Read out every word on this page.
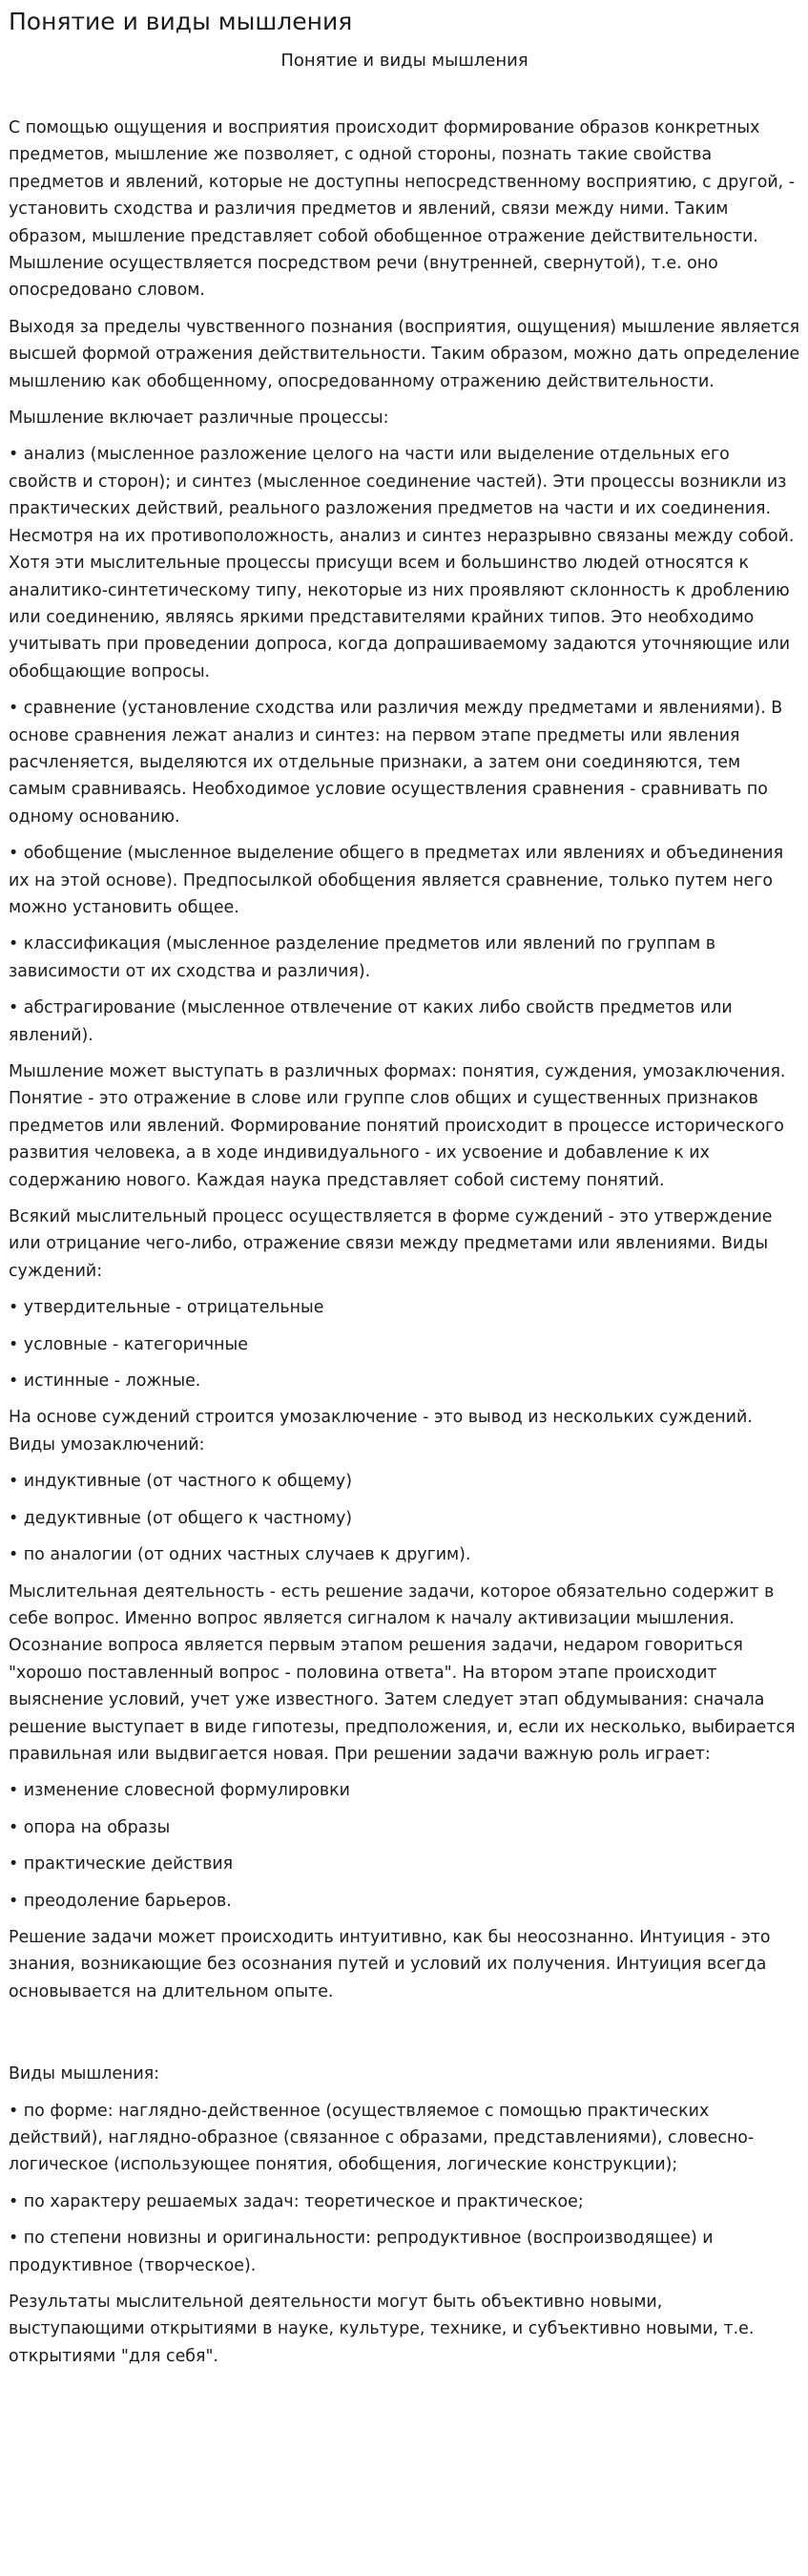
Понятие и виды мышления
Понятие и виды мышления

С помощью ощущения и восприятия происходит формирование образов конкретных предметов, мышление же позволяет, с одной стороны, познать такие свойства предметов и явлений, которые не доступны непосредственному восприятию, с другой, - установить сходства и различия предметов и явлений, связи между ними. Таким образом, мышление представляет собой обобщенное отражение действительности. Мышление осуществляется посредством речи (внутренней, свернутой), т.е. оно опосредовано словом.

Выходя за пределы чувственного познания (восприятия, ощущения) мышление является высшей формой отражения действительности. Таким образом, можно дать определение мышлению как обобщенному, опосредованному отражению действительности.

Мышление включает различные процессы:

• анализ (мысленное разложение целого на части или выделение отдельных его свойств и сторон); и синтез (мысленное соединение частей). Эти процессы возникли из практических действий, реального разложения предметов на части и их соединения. Несмотря на их противоположность, анализ и синтез неразрывно связаны между собой. Хотя эти мыслительные процессы присущи всем и большинство людей относятся к аналитико-синтетическому типу, некоторые из них проявляют склонность к дроблению или соединению, являясь яркими представителями крайних типов. Это необходимо учитывать при проведении допроса, когда допрашиваемому задаются уточняющие или обобщающие вопросы.

• сравнение (установление сходства или различия между предметами и явлениями). В основе сравнения лежат анализ и синтез: на первом этапе предметы или явления расчленяется, выделяются их отдельные признаки, а затем они соединяются, тем самым сравниваясь. Необходимое условие осуществления сравнения - сравнивать по одному основанию.

• обобщение (мысленное выделение общего в предметах или явлениях и объединения их на этой основе). Предпосылкой обобщения является сравнение, только путем него можно установить общее.

• классификация (мысленное разделение предметов или явлений по группам в зависимости от их сходства и различия).

• абстрагирование (мысленное отвлечение от каких либо свойств предметов или явлений).

Мышление может выступать в различных формах: понятия, суждения, умозаключения. Понятие - это отражение в слове или группе слов общих и существенных признаков предметов или явлений. Формирование понятий происходит в процессе исторического развития человека, а в ходе индивидуального - их усвоение и добавление к их содержанию нового. Каждая наука представляет собой систему понятий.

Всякий мыслительный процесс осуществляется в форме суждений - это утверждение или отрицание чего-либо, отражение связи между предметами или явлениями. Виды суждений:

• утвердительные - отрицательные

• условные - категоричные

• истинные - ложные.

На основе суждений строится умозаключение - это вывод из нескольких суждений. Виды умозаключений:

• индуктивные (от частного к общему)

• дедуктивные (от общего к частному)

• по аналогии (от одних частных случаев к другим).

Мыслительная деятельность - есть решение задачи, которое обязательно содержит в себе вопрос. Именно вопрос является сигналом к началу активизации мышления. Осознание вопроса является первым этапом решения задачи, недаром говориться "хорошо поставленный вопрос - половина ответа". На втором этапе происходит выяснение условий, учет уже известного. Затем следует этап обдумывания: сначала решение выступает в виде гипотезы, предположения, и, если их несколько, выбирается правильная или выдвигается новая. При решении задачи важную роль играет:

• изменение словесной формулировки

• опора на образы

• практические действия

• преодоление барьеров.

Решение задачи может происходить интуитивно, как бы неосознанно. Интуиция - это знания, возникающие без осознания путей и условий их получения. Интуиция всегда основывается на длительном опыте.

Виды мышления:

• по форме: наглядно-действенное (осуществляемое с помощью практических действий), наглядно-образное (связанное с образами, представлениями), словесно-логическое (использующее понятия, обобщения, логические конструкции);

• по характеру решаемых задач: теоретическое и практическое;

• по степени новизны и оригинальности: репродуктивное (воспроизводящее) и продуктивное (творческое).

Результаты мыслительной деятельности могут быть объективно новыми, выступающими открытиями в науке, культуре, технике, и субъективно новыми, т.е. открытиями "для себя".
